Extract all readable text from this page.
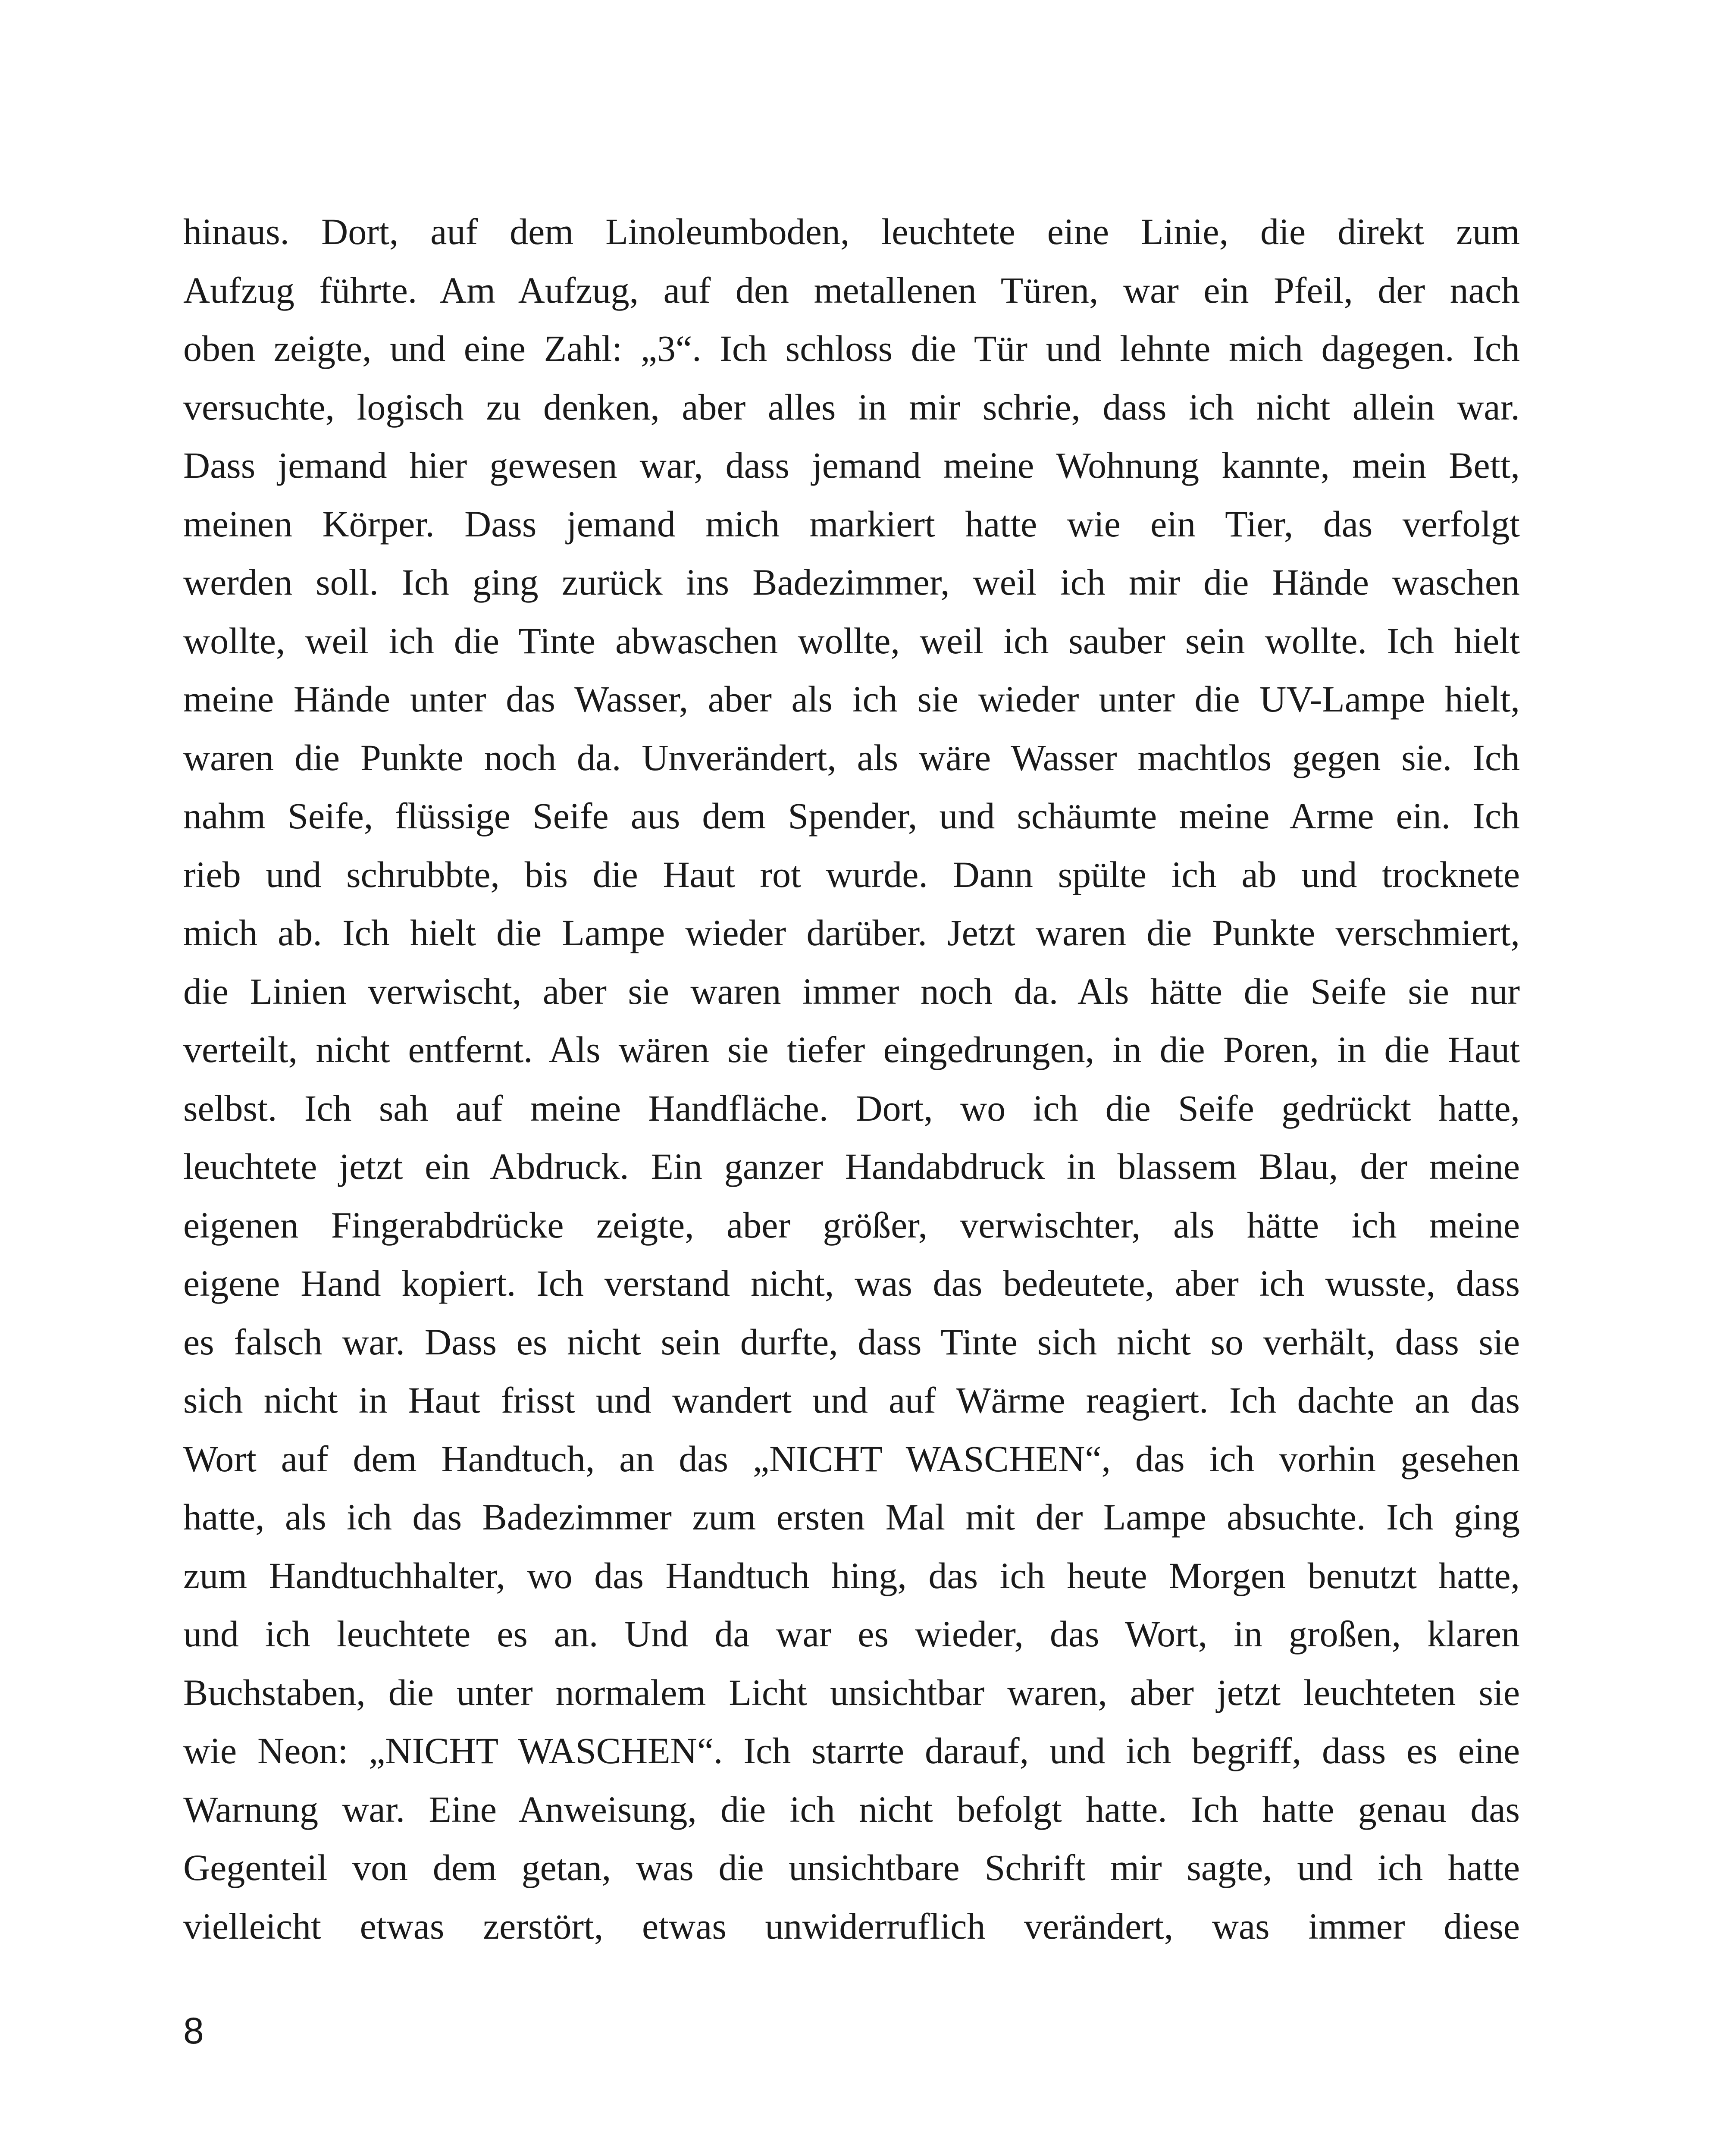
hinaus. Dort, auf dem Linoleumboden, leuchtete eine Linie, die direkt zum
Aufzug führte. Am Aufzug, auf den metallenen Türen, war ein Pfeil, der nach
oben zeigte, und eine Zahl: „3“. Ich schloss die Tür und lehnte mich dagegen. Ich
versuchte, logisch zu denken, aber alles in mir schrie, dass ich nicht allein war.
Dass jemand hier gewesen war, dass jemand meine Wohnung kannte, mein Bett,
meinen Körper. Dass jemand mich markiert hatte wie ein Tier, das verfolgt
werden soll. Ich ging zurück ins Badezimmer, weil ich mir die Hände waschen
wollte, weil ich die Tinte abwaschen wollte, weil ich sauber sein wollte. Ich hielt
meine Hände unter das Wasser, aber als ich sie wieder unter die UV-Lampe hielt,
waren die Punkte noch da. Unverändert, als wäre Wasser machtlos gegen sie. Ich
nahm Seife, flüssige Seife aus dem Spender, und schäumte meine Arme ein. Ich
rieb und schrubbte, bis die Haut rot wurde. Dann spülte ich ab und trocknete
mich ab. Ich hielt die Lampe wieder darüber. Jetzt waren die Punkte verschmiert,
die Linien verwischt, aber sie waren immer noch da. Als hätte die Seife sie nur
verteilt, nicht entfernt. Als wären sie tiefer eingedrungen, in die Poren, in die Haut
selbst. Ich sah auf meine Handfläche. Dort, wo ich die Seife gedrückt hatte,
leuchtete jetzt ein Abdruck. Ein ganzer Handabdruck in blassem Blau, der meine
eigenen Fingerabdrücke zeigte, aber größer, verwischter, als hätte ich meine
eigene Hand kopiert. Ich verstand nicht, was das bedeutete, aber ich wusste, dass
es falsch war. Dass es nicht sein durfte, dass Tinte sich nicht so verhält, dass sie
sich nicht in Haut frisst und wandert und auf Wärme reagiert. Ich dachte an das
Wort auf dem Handtuch, an das „NICHT WASCHEN“, das ich vorhin gesehen
hatte, als ich das Badezimmer zum ersten Mal mit der Lampe absuchte. Ich ging
zum Handtuchhalter, wo das Handtuch hing, das ich heute Morgen benutzt hatte,
und ich leuchtete es an. Und da war es wieder, das Wort, in großen, klaren
Buchstaben, die unter normalem Licht unsichtbar waren, aber jetzt leuchteten sie
wie Neon: „NICHT WASCHEN“. Ich starrte darauf, und ich begriff, dass es eine
Warnung war. Eine Anweisung, die ich nicht befolgt hatte. Ich hatte genau das
Gegenteil von dem getan, was die unsichtbare Schrift mir sagte, und ich hatte
vielleicht etwas zerstört, etwas unwiderruflich verändert, was immer diese
8
